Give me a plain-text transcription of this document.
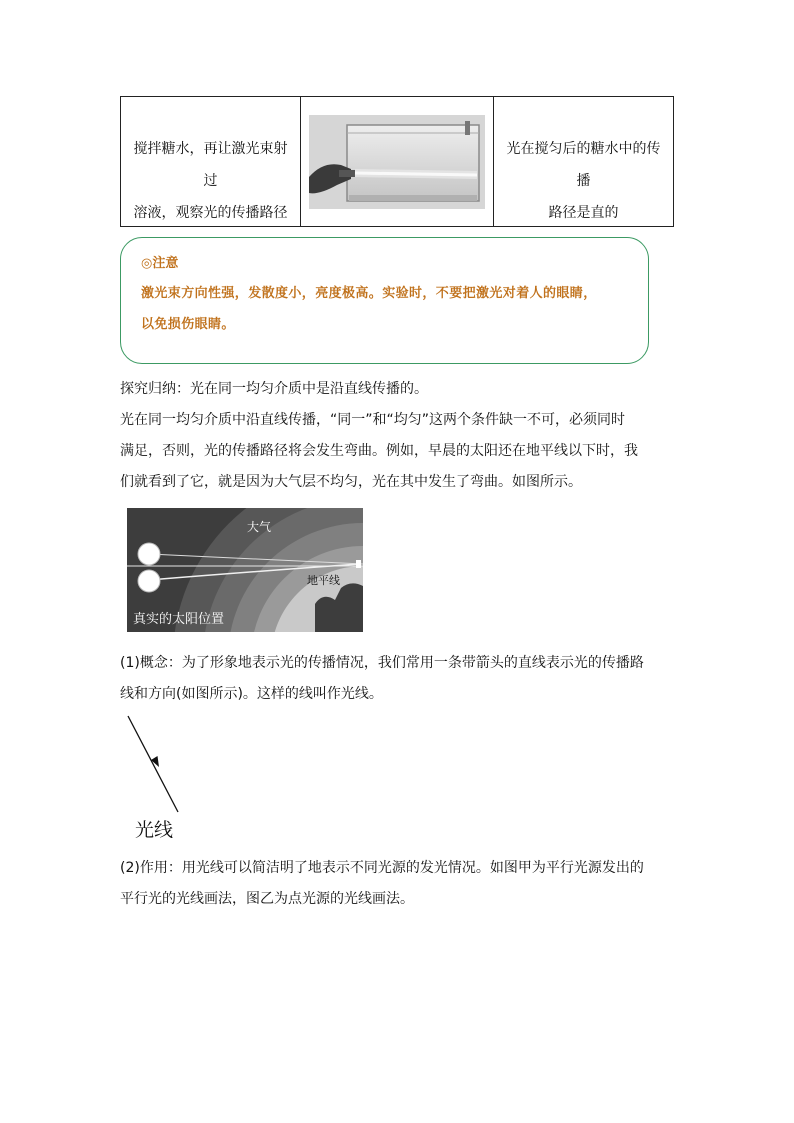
搅拌糖水，再让激光束射过
溶液，观察光的传播路径
光在搅匀后的糖水中的传播
路径是直的
◎注意
激光束方向性强，发散度小，亮度极高。实验时，不要把激光对着人的眼睛，
以免损伤眼睛。
探究归纳：光在同一均匀介质中是沿直线传播的。
光在同一均匀介质中沿直线传播，“同一”和“均匀”这两个条件缺一不可，必须同时
满足，否则，光的传播路径将会发生弯曲。例如，早晨的太阳还在地平线以下时，我
们就看到了它，就是因为大气层不均匀，光在其中发生了弯曲。如图所示。
大气
地平线
真实的太阳位置
(1)概念：为了形象地表示光的传播情况，我们常用一条带箭头的直线表示光的传播路
线和方向(如图所示)。这样的线叫作光线。
光线
(2)作用：用光线可以简洁明了地表示不同光源的发光情况。如图甲为平行光源发出的
平行光的光线画法，图乙为点光源的光线画法。
